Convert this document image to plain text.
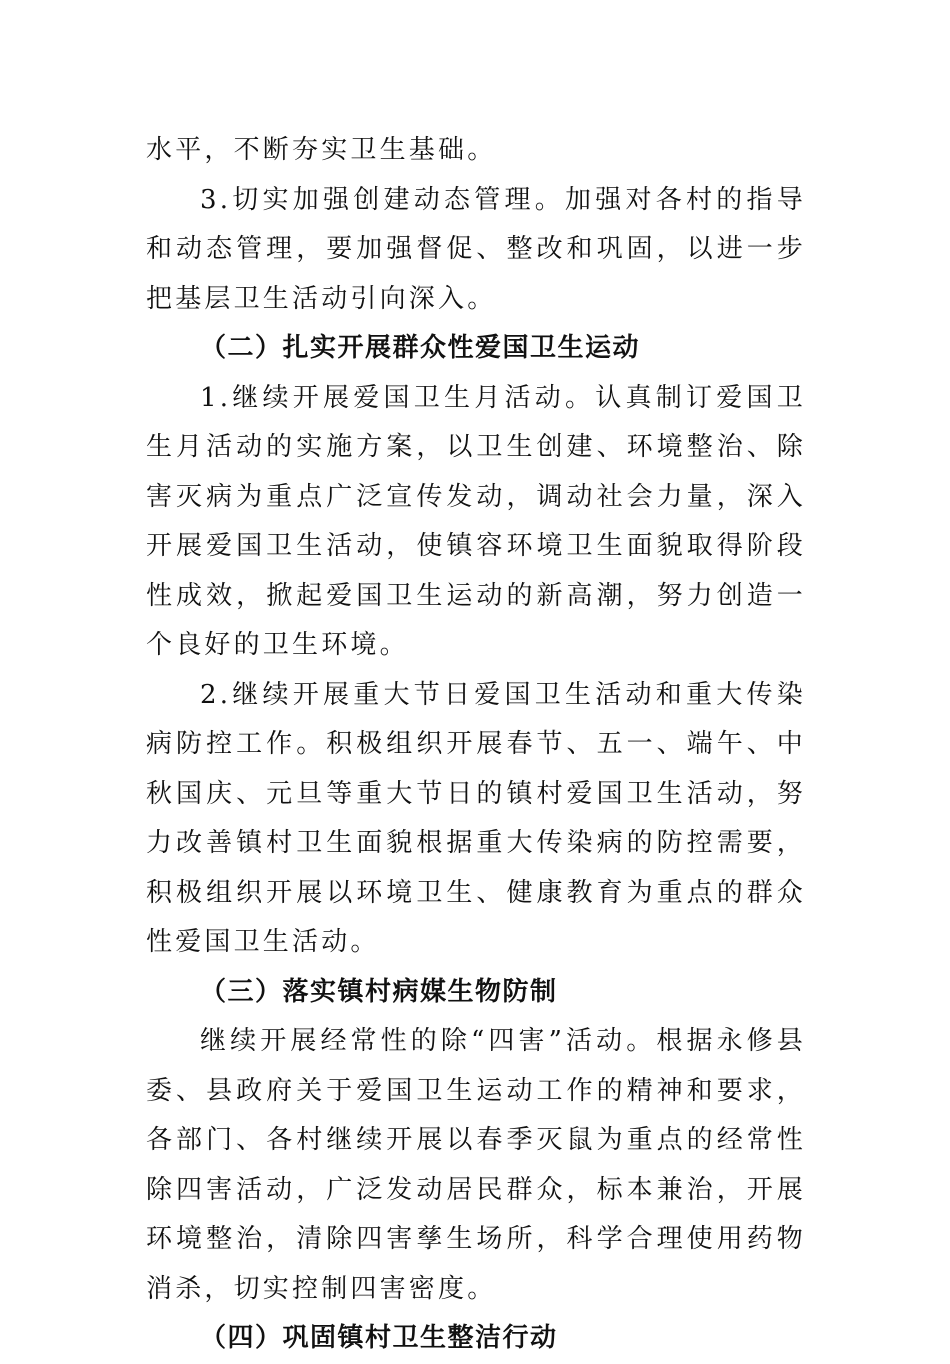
水平，不断夯实卫生基础。

3.切实加强创建动态管理。加强对各村的指导和动态管理，要加强督促、整改和巩固，以进一步把基层卫生活动引向深入。

（二）扎实开展群众性爱国卫生运动

1.继续开展爱国卫生月活动。认真制订爱国卫生月活动的实施方案，以卫生创建、环境整治、除害灭病为重点广泛宣传发动，调动社会力量，深入开展爱国卫生活动，使镇容环境卫生面貌取得阶段性成效，掀起爱国卫生运动的新高潮，努力创造一个良好的卫生环境。

2.继续开展重大节日爱国卫生活动和重大传染病防控工作。积极组织开展春节、五一、端午、中秋国庆、元旦等重大节日的镇村爱国卫生活动，努力改善镇村卫生面貌根据重大传染病的防控需要，积极组织开展以环境卫生、健康教育为重点的群众性爱国卫生活动。

（三）落实镇村病媒生物防制

继续开展经常性的除“四害”活动。根据永修县委、县政府关于爱国卫生运动工作的精神和要求，各部门、各村继续开展以春季灭鼠为重点的经常性除四害活动，广泛发动居民群众，标本兼治，开展环境整治，清除四害孳生场所，科学合理使用药物消杀，切实控制四害密度。

（四）巩固镇村卫生整洁行动
